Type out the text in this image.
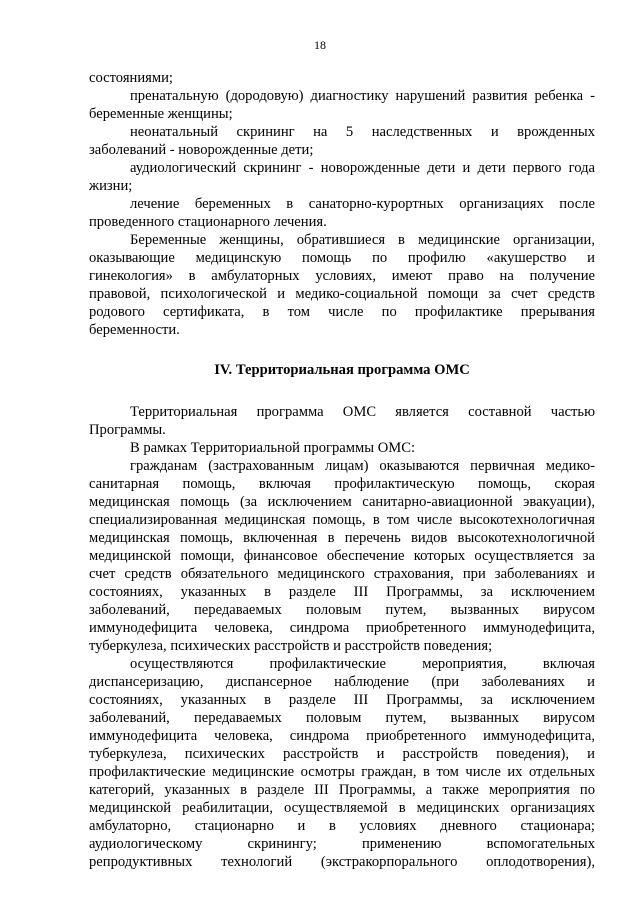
18
состояниями;
пренатальную (дородовую) диагностику нарушений развития ребенка -
беременные женщины;
неонатальный скрининг на 5 наследственных и врожденных
заболеваний - новорожденные дети;
аудиологический скрининг - новорожденные дети и дети первого года
жизни;
лечение беременных в санаторно-курортных организациях после
проведенного стационарного лечения.
Беременные женщины, обратившиеся в медицинские организации,
оказывающие медицинскую помощь по профилю «акушерство и
гинекология» в амбулаторных условиях, имеют право на получение
правовой, психологической и медико-социальной помощи за счет средств
родового сертификата, в том числе по профилактике прерывания
беременности.
IV. Территориальная программа ОМС
Территориальная программа ОМС является составной частью
Программы.
В рамках Территориальной программы ОМС:
гражданам (застрахованным лицам) оказываются первичная медико-
санитарная помощь, включая профилактическую помощь, скорая
медицинская помощь (за исключением санитарно-авиационной эвакуации),
специализированная медицинская помощь, в том числе высокотехнологичная
медицинская помощь, включенная в перечень видов высокотехнологичной
медицинской помощи, финансовое обеспечение которых осуществляется за
счет средств обязательного медицинского страхования, при заболеваниях и
состояниях, указанных в разделе III Программы, за исключением
заболеваний, передаваемых половым путем, вызванных вирусом
иммунодефицита человека, синдрома приобретенного иммунодефицита,
туберкулеза, психических расстройств и расстройств поведения;
осуществляются профилактические мероприятия, включая
диспансеризацию, диспансерное наблюдение (при заболеваниях и
состояниях, указанных в разделе III Программы, за исключением
заболеваний, передаваемых половым путем, вызванных вирусом
иммунодефицита человека, синдрома приобретенного иммунодефицита,
туберкулеза, психических расстройств и расстройств поведения), и
профилактические медицинские осмотры граждан, в том числе их отдельных
категорий, указанных в разделе III Программы, а также мероприятия по
медицинской реабилитации, осуществляемой в медицинских организациях
амбулаторно, стационарно и в условиях дневного стационара;
аудиологическому скринингу; применению вспомогательных
репродуктивных технологий (экстракорпорального оплодотворения),
